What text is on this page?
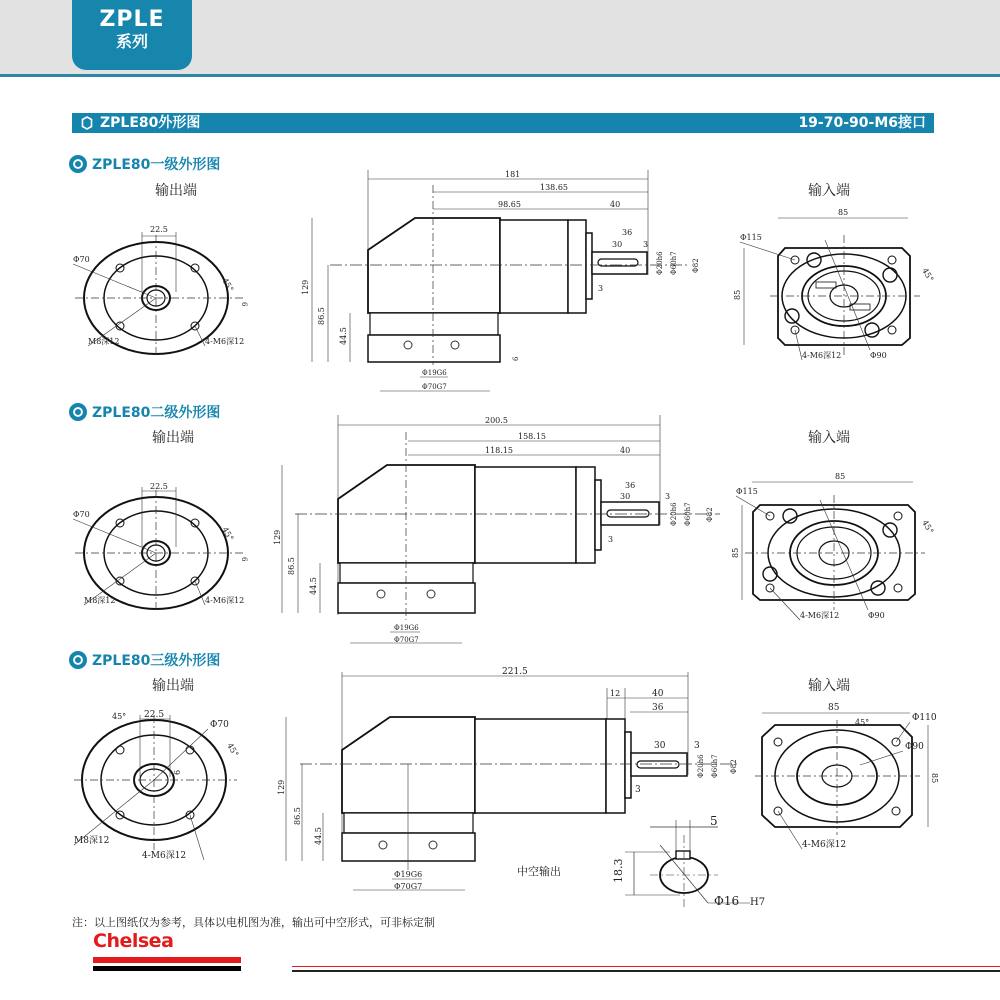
ZPLE
系列
ZPLE80外形图	19-70-90-M6接口
ZPLE80一级外形图
输出端	输入端
22.5
Φ70
M8深12	4-M6深12
45°
6
181
138.65
98.65	40
129
86.5
44.5
36
30	3
3
Φ20h6 Φ60h7 Φ82
Φ19G6
Φ70G7
6
85
85
Φ115
4-M6深12	Φ90
45°
ZPLE80二级外形图
输出端	输入端
22.5
Φ70
M8深12	4-M6深12
45°
6
200.5
158.15
118.15	40
129
86.5
44.5
36
30	3
3
Φ20h6 Φ60h7 Φ82
Φ19G6
Φ70G7
85
85
Φ115
4-M6深12	Φ90
45°
ZPLE80三级外形图
输出端	输入端
22.5
45°
Φ70
M8深12
4-M6深12
45°
6
221.5
12	40
36
129
86.5
44.5
30	3
3
Φ20h6 Φ60h7 Φ82
Φ19G6
Φ70G7
中空输出
85
85
45°	Φ110
Φ90
4-M6深12
5
18.3
Φ16 H7
注：以上图纸仅为参考，具体以电机图为准，输出可中空形式，可非标定制
Chelsea
